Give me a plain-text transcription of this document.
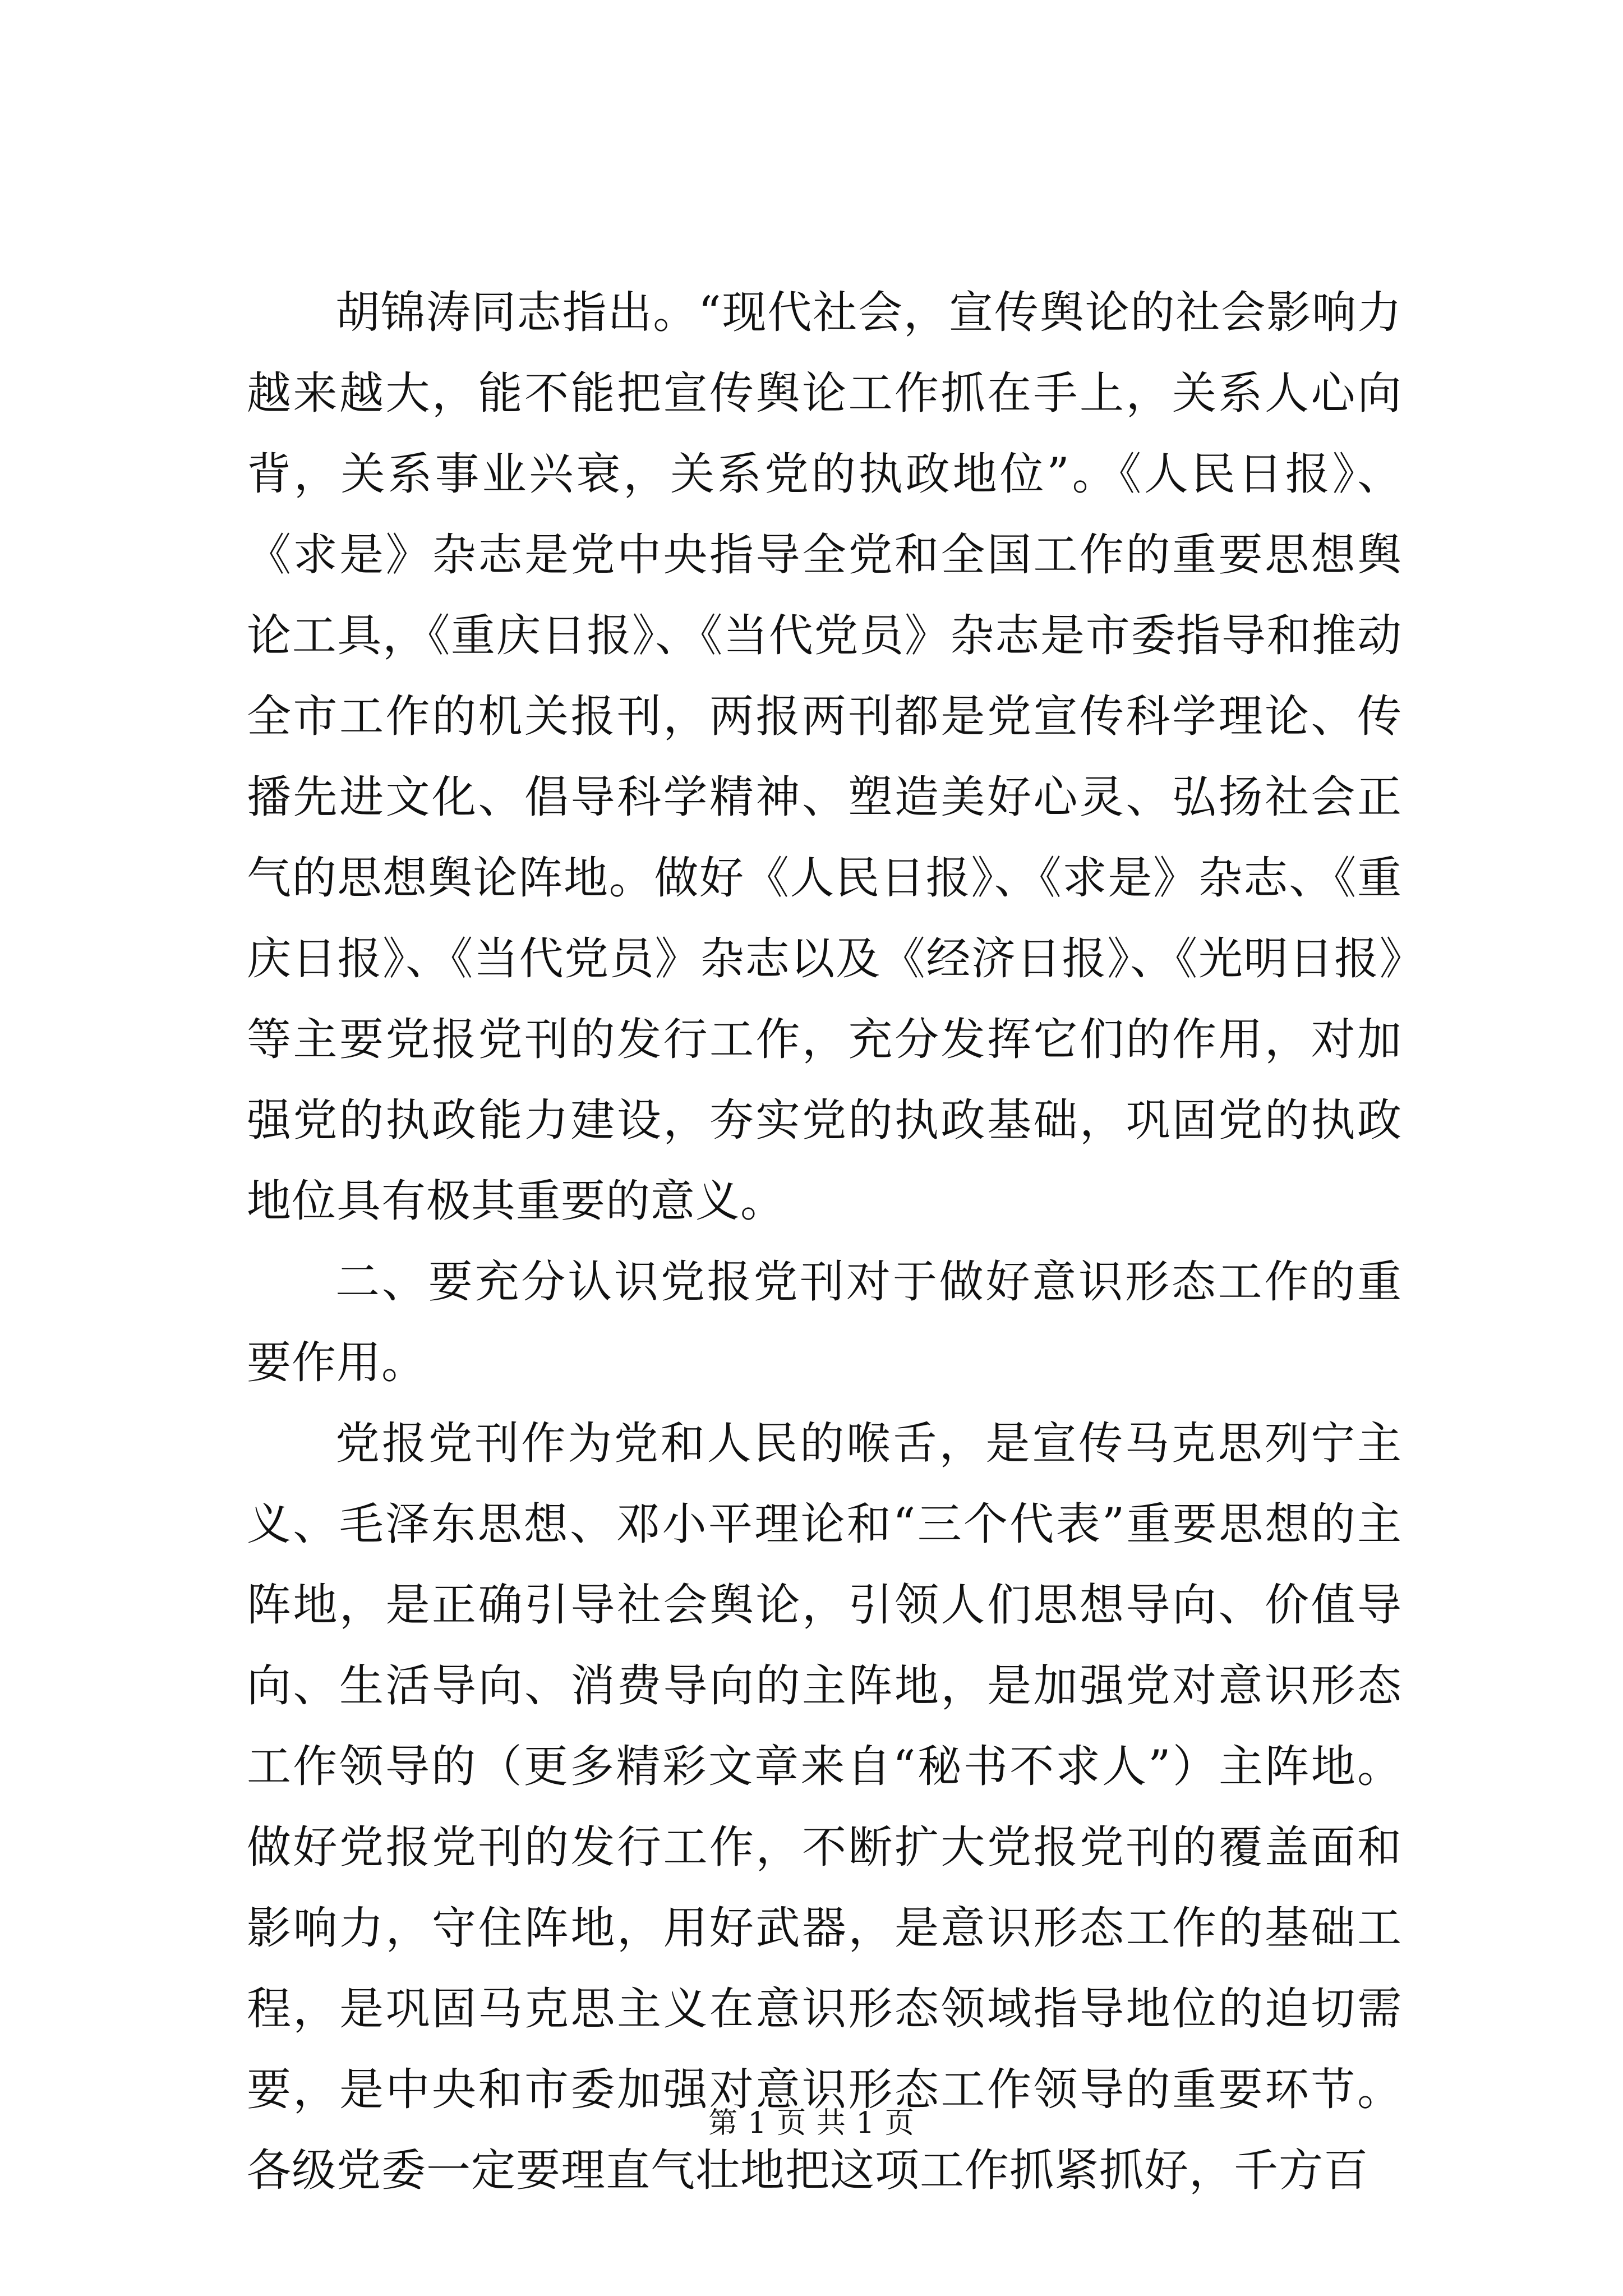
胡锦涛同志指出。“现代社会，宣传舆论的社会影响力越来越大，能不能把宣传舆论工作抓在手上，关系人心向背，关系事业兴衰，关系党的执政地位”。《人民日报》、《求是》杂志是党中央指导全党和全国工作的重要思想舆论工具，《重庆日报》、《当代党员》杂志是市委指导和推动全市工作的机关报刊，两报两刊都是党宣传科学理论、传播先进文化、倡导科学精神、塑造美好心灵、弘扬社会正气的思想舆论阵地。做好《人民日报》、《求是》杂志、《重庆日报》、《当代党员》杂志以及《经济日报》、《光明日报》等主要党报党刊的发行工作，充分发挥它们的作用，对加强党的执政能力建设，夯实党的执政基础，巩固党的执政地位具有极其重要的意义。

二、要充分认识党报党刊对于做好意识形态工作的重要作用。

党报党刊作为党和人民的喉舌，是宣传马克思列宁主义、毛泽东思想、邓小平理论和“三个代表”重要思想的主阵地，是正确引导社会舆论，引领人们思想导向、价值导向、生活导向、消费导向的主阵地，是加强党对意识形态工作领导的（更多精彩文章来自“秘书不求人”）主阵地。做好党报党刊的发行工作，不断扩大党报党刊的覆盖面和影响力，守住阵地，用好武器，是意识形态工作的基础工程，是巩固马克思主义在意识形态领域指导地位的迫切需要，是中央和市委加强对意识形态工作领导的重要环节。各级党委一定要理直气壮地把这项工作抓紧抓好，千方百

第 1 页 共 1 页
